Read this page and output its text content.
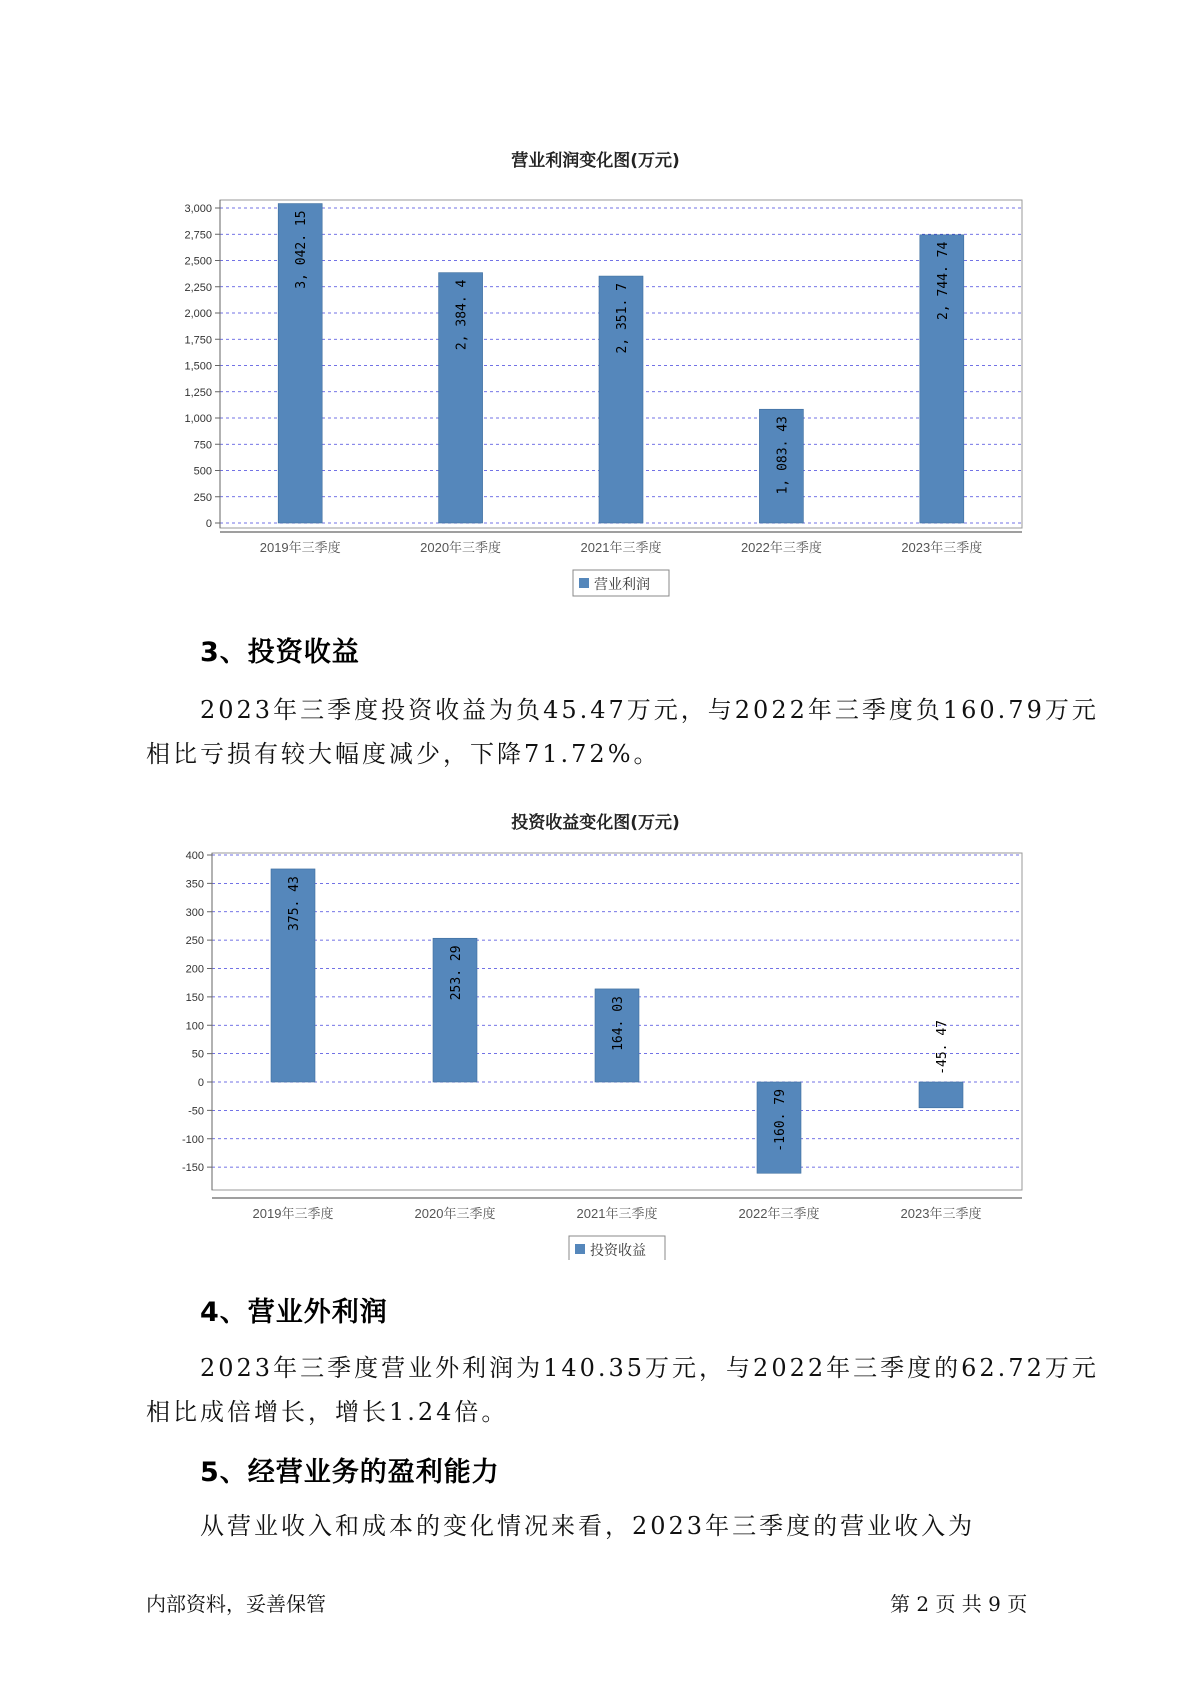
营业利润变化图(万元)
3,000
2,750
2,500
2,250
2,000
1,750
1,500
1,250
1,000
750
500
250
0
3, 042. 15
2019年三季度
2, 384. 4
2020年三季度
2, 351. 7
2021年三季度
1, 083. 43
2022年三季度
2, 744. 74
2023年三季度
营业利润
3、投资收益
2023年三季度投资收益为负45.47万元，与2022年三季度负160.79万元
相比亏损有较大幅度减少，下降71.72%。
投资收益变化图(万元)
400
350
300
250
200
150
100
50
0
-50
-100
-150
375. 43
2019年三季度
253. 29
2020年三季度
164. 03
2021年三季度
-160. 79
2022年三季度
-45. 47
2023年三季度
投资收益
4、营业外利润
2023年三季度营业外利润为140.35万元，与2022年三季度的62.72万元
相比成倍增长，增长1.24倍。
5、经营业务的盈利能力
从营业收入和成本的变化情况来看，2023年三季度的营业收入为
内部资料，妥善保管	第 2 页 共 9 页
